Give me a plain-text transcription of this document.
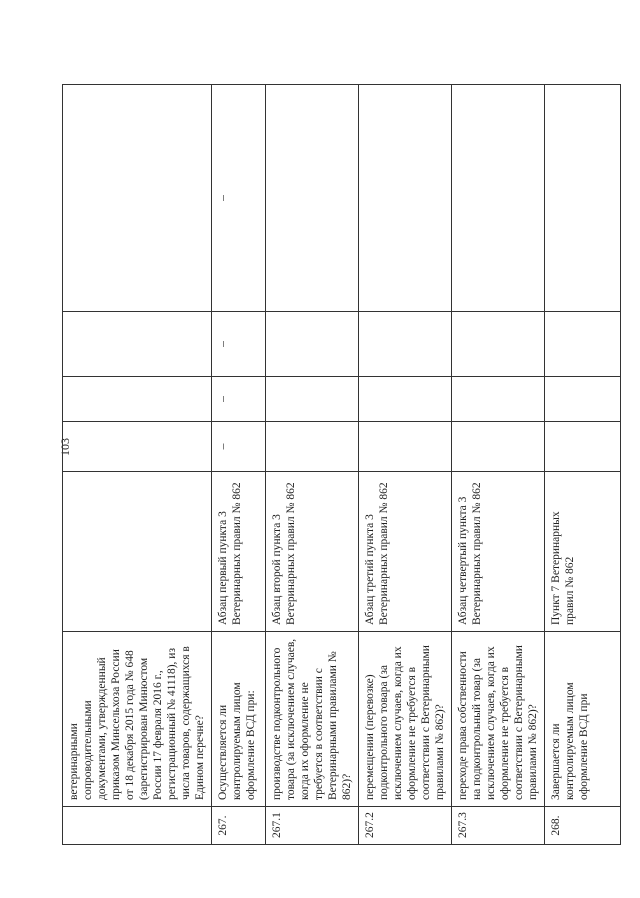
103
	ветеринарными сопроводительными документами, утвержденный приказом Минсельхоза России от 18 декабря 2015 года № 648 (зарегистрирован Минюстом России 17 февраля 2016 г., регистрационный № 41118), из числа товаров, содержащихся в Едином перечне?					
267.	Осуществляется ли контролируемым лицом оформление ВСД при:	Абзац первый пункта 3 Ветеринарных правил № 862	–	–	–	–
267.1	производстве подконтрольного товара (за исключением случаев, когда их оформление не требуется в соответствии с Ветеринарными правилами № 862)?	Абзац второй пункта 3 Ветеринарных правил № 862				
267.2	перемещении (перевозке) подконтрольного товара (за исключением случаев, когда их оформление не требуется в соответствии с Ветеринарными правилами № 862)?	Абзац третий пункта 3 Ветеринарных правил № 862				
267.3	переходе права собственности на подконтрольный товар (за исключением случаев, когда их оформление не требуется в соответствии с Ветеринарными правилами № 862)?	Абзац четвертый пункта 3 Ветеринарных правил № 862				
268.	Завершается ли контролируемым лицом оформление ВСД при	Пункт 7 Ветеринарных правил № 862				
